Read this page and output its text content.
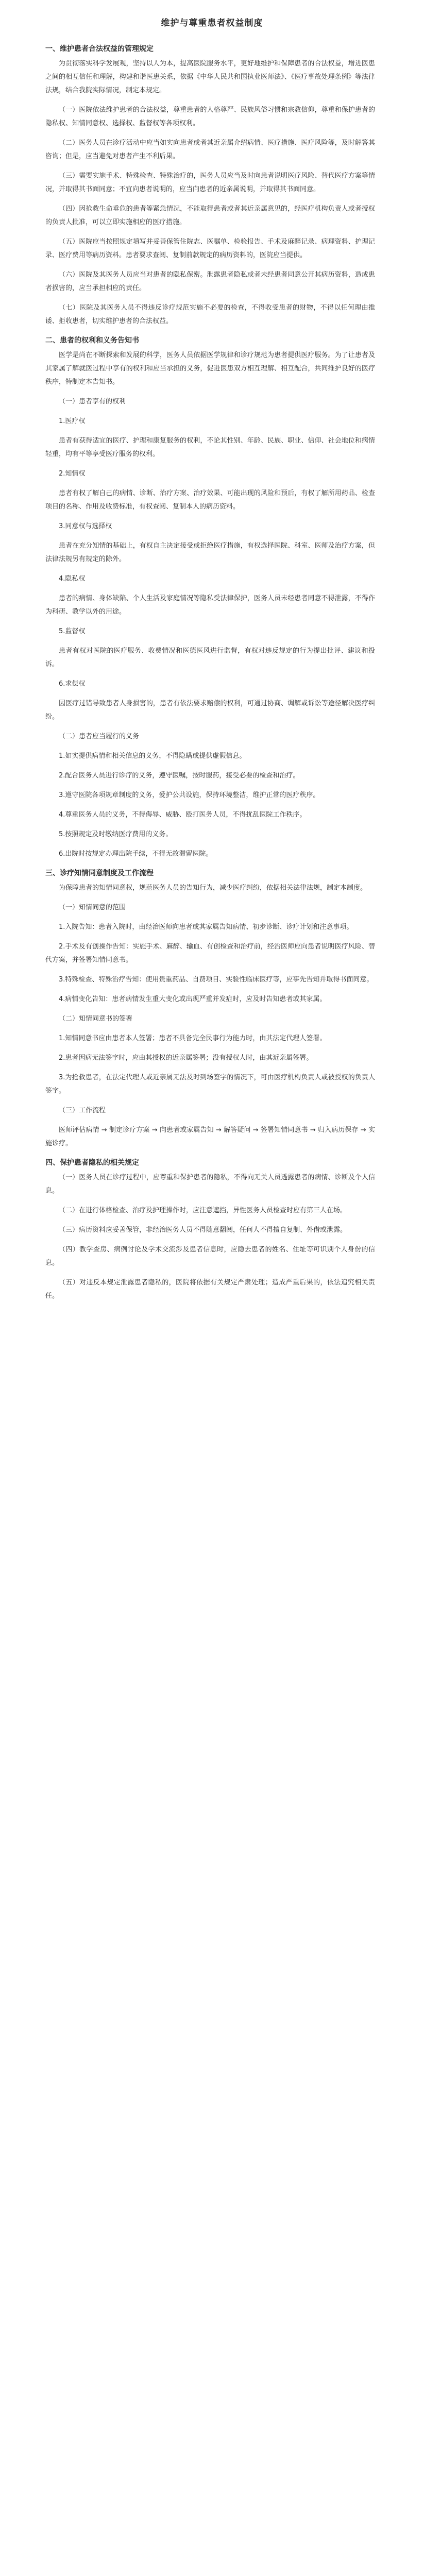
维护与尊重患者权益制度
一、维护患者合法权益的管理规定
为贯彻落实科学发展观，坚持以人为本，提高医院服务水平，更好地维护和保障患者的合法权益，增进医患之间的相互信任和理解，构建和谐医患关系，依据《中华人民共和国执业医师法》、《医疗事故处理条例》等法律法规，结合我院实际情况，制定本规定。
（一）医院依法维护患者的合法权益，尊重患者的人格尊严、民族风俗习惯和宗教信仰，尊重和保护患者的隐私权、知情同意权、选择权、监督权等各项权利。
（二）医务人员在诊疗活动中应当如实向患者或者其近亲属介绍病情、医疗措施、医疗风险等，及时解答其咨询；但是，应当避免对患者产生不利后果。
（三）需要实施手术、特殊检查、特殊治疗的，医务人员应当及时向患者说明医疗风险、替代医疗方案等情况，并取得其书面同意；不宜向患者说明的，应当向患者的近亲属说明，并取得其书面同意。
（四）因抢救生命垂危的患者等紧急情况，不能取得患者或者其近亲属意见的，经医疗机构负责人或者授权的负责人批准，可以立即实施相应的医疗措施。
（五）医院应当按照规定填写并妥善保管住院志、医嘱单、检验报告、手术及麻醉记录、病理资料、护理记录、医疗费用等病历资料。患者要求查阅、复制前款规定的病历资料的，医院应当提供。
（六）医院及其医务人员应当对患者的隐私保密。泄露患者隐私或者未经患者同意公开其病历资料，造成患者损害的，应当承担相应的责任。
（七）医院及其医务人员不得违反诊疗规范实施不必要的检查，不得收受患者的财物，不得以任何理由推诿、拒收患者，切实维护患者的合法权益。
二、患者的权利和义务告知书
医学是尚在不断探索和发展的科学，医务人员依据医学规律和诊疗规范为患者提供医疗服务。为了让患者及其家属了解就医过程中享有的权利和应当承担的义务，促进医患双方相互理解、相互配合，共同维护良好的医疗秩序，特制定本告知书。
（一）患者享有的权利
1.医疗权
患者有获得适宜的医疗、护理和康复服务的权利，不论其性别、年龄、民族、职业、信仰、社会地位和病情轻重，均有平等享受医疗服务的权利。
2.知情权
患者有权了解自己的病情、诊断、治疗方案、治疗效果、可能出现的风险和预后，有权了解所用药品、检查项目的名称、作用及收费标准，有权查阅、复制本人的病历资料。
3.同意权与选择权
患者在充分知情的基础上，有权自主决定接受或拒绝医疗措施，有权选择医院、科室、医师及治疗方案，但法律法规另有规定的除外。
4.隐私权
患者的病情、身体缺陷、个人生活及家庭情况等隐私受法律保护，医务人员未经患者同意不得泄露，不得作为科研、教学以外的用途。
5.监督权
患者有权对医院的医疗服务、收费情况和医德医风进行监督，有权对违反规定的行为提出批评、建议和投诉。
6.求偿权
因医疗过错导致患者人身损害的，患者有依法要求赔偿的权利，可通过协商、调解或诉讼等途径解决医疗纠纷。
（二）患者应当履行的义务
1.如实提供病情和相关信息的义务，不得隐瞒或提供虚假信息。
2.配合医务人员进行诊疗的义务，遵守医嘱，按时服药，接受必要的检查和治疗。
3.遵守医院各项规章制度的义务，爱护公共设施，保持环境整洁，维护正常的医疗秩序。
4.尊重医务人员的义务，不得侮辱、威胁、殴打医务人员，不得扰乱医院工作秩序。
5.按照规定及时缴纳医疗费用的义务。
6.出院时按规定办理出院手续，不得无故滞留医院。
三、诊疗知情同意制度及工作流程
为保障患者的知情同意权，规范医务人员的告知行为，减少医疗纠纷，依据相关法律法规，制定本制度。
（一）知情同意的范围
1.入院告知：患者入院时，由经治医师向患者或其家属告知病情、初步诊断、诊疗计划和注意事项。
2.手术及有创操作告知：实施手术、麻醉、输血、有创检查和治疗前，经治医师应向患者说明医疗风险、替代方案，并签署知情同意书。
3.特殊检查、特殊治疗告知：使用贵重药品、自费项目、实验性临床医疗等，应事先告知并取得书面同意。
4.病情变化告知：患者病情发生重大变化或出现严重并发症时，应及时告知患者或其家属。
（二）知情同意书的签署
1.知情同意书应由患者本人签署；患者不具备完全民事行为能力时，由其法定代理人签署。
2.患者因病无法签字时，应由其授权的近亲属签署；没有授权人时，由其近亲属签署。
3.为抢救患者，在法定代理人或近亲属无法及时到场签字的情况下，可由医疗机构负责人或被授权的负责人签字。
（三）工作流程
医师评估病情 → 制定诊疗方案 → 向患者或家属告知 → 解答疑问 → 签署知情同意书 → 归入病历保存 → 实施诊疗。
四、保护患者隐私的相关规定
（一）医务人员在诊疗过程中，应尊重和保护患者的隐私，不得向无关人员透露患者的病情、诊断及个人信息。
（二）在进行体格检查、治疗及护理操作时，应注意遮挡，异性医务人员检查时应有第三人在场。
（三）病历资料应妥善保管，非经治医务人员不得随意翻阅，任何人不得擅自复制、外借或泄露。
（四）教学查房、病例讨论及学术交流涉及患者信息时，应隐去患者的姓名、住址等可识别个人身份的信息。
（五）对违反本规定泄露患者隐私的，医院将依据有关规定严肃处理；造成严重后果的，依法追究相关责任。
